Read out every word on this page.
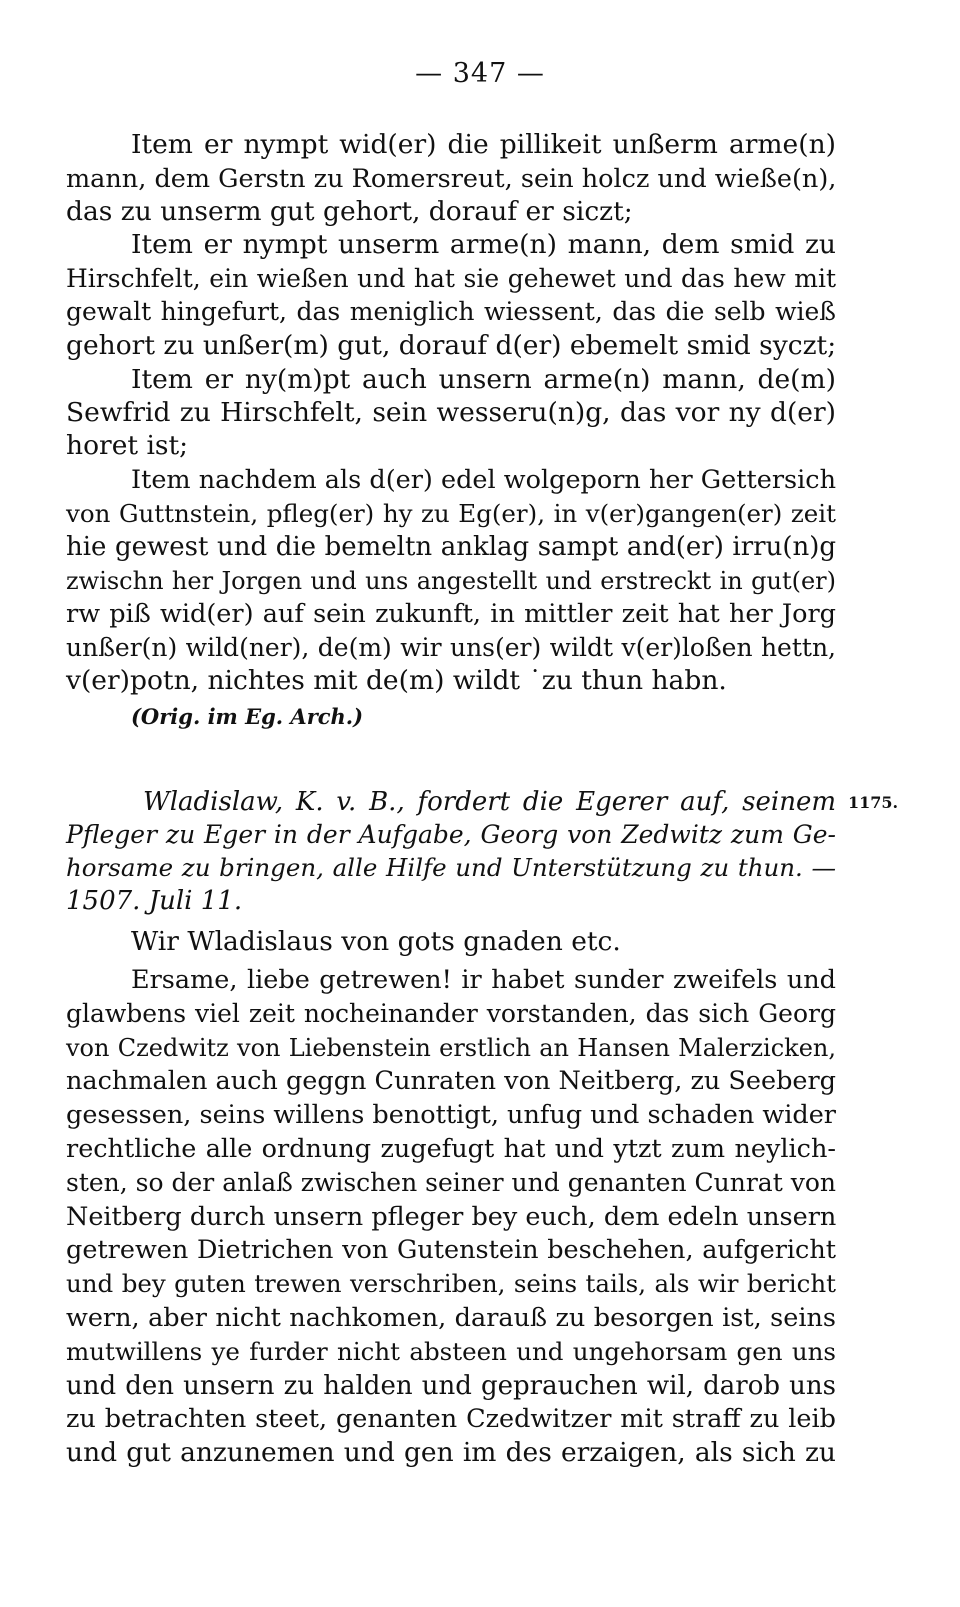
— 347 —
Item er nympt wid(er) die pillikeit unßerm arme(n)
mann, dem Gerstn zu Romersreut, sein holcz und wieße(n),
das zu unserm gut gehort, dorauf er siczt;
Item er nympt unserm arme(n) mann, dem smid zu
Hirschfelt, ein wießen und hat sie gehewet und das hew mit
gewalt hingefurt, das meniglich wiessent, das die selb wieß
gehort zu unßer(m) gut, dorauf d(er) ebemelt smid syczt;
Item er ny(m)pt auch unsern arme(n) mann, de(m)
Sewfrid zu Hirschfelt, sein wesseru(n)g, das vor ny d(er)
horet ist;
Item nachdem als d(er) edel wolgeporn her Gettersich
von Guttnstein, pfleg(er) hy zu Eg(er), in v(er)gangen(er) zeit
hie gewest und die bemeltn anklag sampt and(er) irru(n)g
zwischn her Jorgen und uns angestellt und erstreckt in gut(er)
rw piß wid(er) auf sein zukunft, in mittler zeit hat her Jorg
unßer(n) wild(ner), de(m) wir uns(er) wildt v(er)loßen hettn,
v(er)potn, nichtes mit de(m) wildt ˙zu thun habn.
(Orig. im Eg. Arch.)
Wladislaw, K. v. B., fordert die Egerer auf, seinem
Pfleger zu Eger in der Aufgabe, Georg von Zedwitz zum Ge-
horsame zu bringen, alle Hilfe und Unterstützung zu thun. —
1507. Juli 11.
1175.
Wir Wladislaus von gots gnaden etc.
Ersame, liebe getrewen! ir habet sunder zweifels und
glawbens viel zeit nocheinander vorstanden, das sich Georg
von Czedwitz von Liebenstein erstlich an Hansen Malerzicken,
nachmalen auch geggn Cunraten von Neitberg, zu Seeberg
gesessen, seins willens benottigt, unfug und schaden wider
rechtliche alle ordnung zugefugt hat und ytzt zum neylich-
sten, so der anlaß zwischen seiner und genanten Cunrat von
Neitberg durch unsern pfleger bey euch, dem edeln unsern
getrewen Dietrichen von Gutenstein beschehen, aufgericht
und bey guten trewen verschriben, seins tails, als wir bericht
wern, aber nicht nachkomen, darauß zu besorgen ist, seins
mutwillens ye furder nicht absteen und ungehorsam gen uns
und den unsern zu halden und geprauchen wil, darob uns
zu betrachten steet, genanten Czedwitzer mit straff zu leib
und gut anzunemen und gen im des erzaigen, als sich zu
